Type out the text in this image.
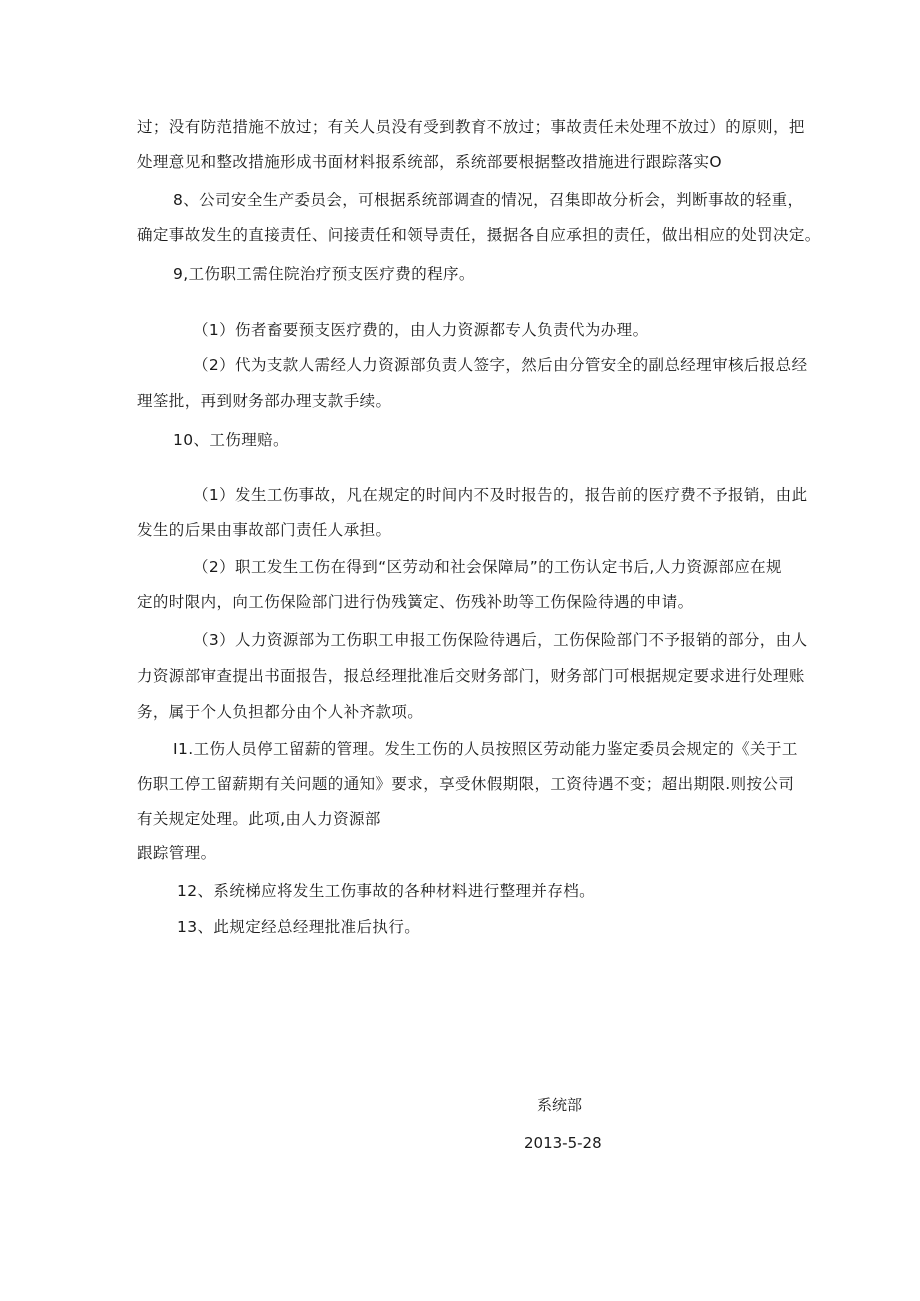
过；没有防范措施不放过；有关人员没有受到教育不放过；事故责任未处理不放过）的原则，把
处理意见和整改措施形成书面材料报系统部，系统部要根据整改措施进行跟踪落实O
8、公司安全生产委员会，可根据系统部调查的情况，召集即故分析会，判断事故的轻重，
确定事故发生的直接责任、问接责任和领导责任，摄据各自应承担的责任，做出相应的处罚决定。
9,工伤职工需住院治疗预支医疗费的程序。
（1）伤者畜要预支医疗费的，由人力资源都专人负责代为办理。
（2）代为支款人需经人力资源部负责人签字，然后由分管安全的副总经理审核后报总经
理筌批，再到财务部办理支款手续。
10、工伤理赔。
（1）发生工伤事故，凡在规定的时间内不及时报告的，报告前的医疗费不予报销，由此
发生的后果由事故部门责任人承担。
（2）职工发生工伤在得到“区劳动和社会保障局”的工伤认定书后,人力资源部应在规
定的时限内，向工伤保险部门进行伪残簧定、伤残补助等工伤保险待遇的申请。
（3）人力资源部为工伤职工申报工伤保险待遇后，工伤保险部门不予报销的部分，由人
力资源部审查提出书面报告，报总经理批准后交财务部门，财务部门可根据规定要求进行处理账
务，属于个人负担都分由个人补齐款项。
I1.工伤人员停工留薪的管理。发生工伤的人员按照区劳动能力鉴定委员会规定的《关于工
伤职工停工留薪期有关问题的通知》要求，享受休假期限，工资待遇不变；超出期限.则按公司
有关规定处理。此项,由人力资源部
跟踪管理。
12、系统梯应将发生工伤事故的各种材料进行整理并存档。
13、此规定经总经理批准后执行。
系统部
2013-5-28
